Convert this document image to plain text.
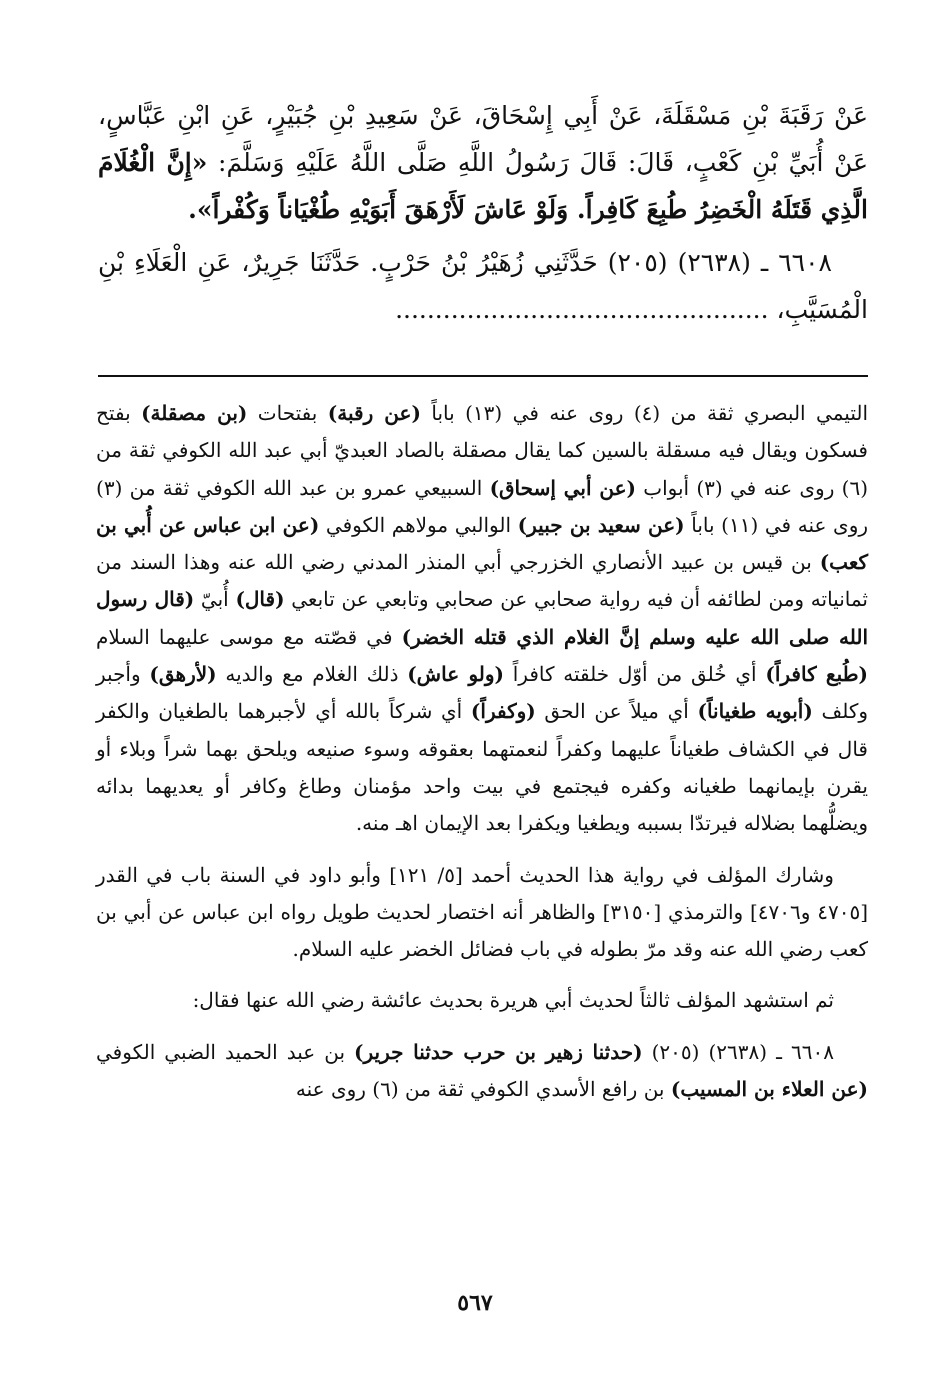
عَنْ رَقَبَةَ بْنِ مَسْقَلَةَ، عَنْ أَبِي إِسْحَاقَ، عَنْ سَعِيدِ بْنِ جُبَيْرٍ، عَنِ ابْنِ عَبَّاسٍ، عَنْ أُبَيِّ بْنِ كَعْبٍ، قَالَ: قَالَ رَسُولُ اللَّهِ صَلَّى اللَّهُ عَلَيْهِ وَسَلَّمَ: «إِنَّ الْغُلَامَ الَّذِي قَتَلَهُ الْخَضِرُ طُبِعَ كَافِراً. وَلَوْ عَاشَ لَأَرْهَقَ أَبَوَيْهِ طُغْيَاناً وَكُفْراً».

٦٦٠٨ ـ (٢٦٣٨) (٢٠٥) حَدَّثَنِي زُهَيْرُ بْنُ حَرْبٍ. حَدَّثَنَا جَرِيرٌ، عَنِ الْعَلَاءِ بْنِ الْمُسَيَّبِ، ...............................................

التيمي البصري ثقة من (٤) روى عنه في (١٣) باباً (عن رقبة) بفتحات (بن مصقلة) بفتح فسكون ويقال فيه مسقلة بالسين كما يقال مصقلة بالصاد العبديّ أبي عبد الله الكوفي ثقة من (٦) روى عنه في (٣) أبواب (عن أبي إسحاق) السبيعي عمرو بن عبد الله الكوفي ثقة من (٣) روى عنه في (١١) باباً (عن سعيد بن جبير) الوالبي مولاهم الكوفي (عن ابن عباس عن أُبي بن كعب) بن قيس بن عبيد الأنصاري الخزرجي أبي المنذر المدني رضي الله عنه وهذا السند من ثمانياته ومن لطائفه أن فيه رواية صحابي عن صحابي وتابعي عن تابعي (قال) أُبيّ (قال رسول الله صلى الله عليه وسلم إنَّ الغلام الذي قتله الخضر) في قصّته مع موسى عليهما السلام (طُبع كافراً) أي خُلق من أوّل خلقته كافراً (ولو عاش) ذلك الغلام مع والديه (لأرهق) وأجبر وكلف (أبويه طغياناً) أي ميلاً عن الحق (وكفراً) أي شركاً بالله أي لأجبرهما بالطغيان والكفر قال في الكشاف طغياناً عليهما وكفراً لنعمتهما بعقوقه وسوء صنيعه ويلحق بهما شراً وبلاء أو يقرن بإيمانهما طغيانه وكفره فيجتمع في بيت واحد مؤمنان وطاغ وكافر أو يعديهما بدائه ويضلُّهما بضلاله فيرتدّا بسببه ويطغيا ويكفرا بعد الإيمان اهـ منه.

وشارك المؤلف في رواية هذا الحديث أحمد [٥/ ١٢١] وأبو داود في السنة باب في القدر [٤٧٠٥ و٤٧٠٦] والترمذي [٣١٥٠] والظاهر أنه اختصار لحديث طويل رواه ابن عباس عن أبي بن كعب رضي الله عنه وقد مرّ بطوله في باب فضائل الخضر عليه السلام.

ثم استشهد المؤلف ثالثاً لحديث أبي هريرة بحديث عائشة رضي الله عنها فقال:

٦٦٠٨ ـ (٢٦٣٨) (٢٠٥) (حدثنا زهير بن حرب حدثنا جرير) بن عبد الحميد الضبي الكوفي (عن العلاء بن المسيب) بن رافع الأسدي الكوفي ثقة من (٦) روى عنه

٥٦٧
